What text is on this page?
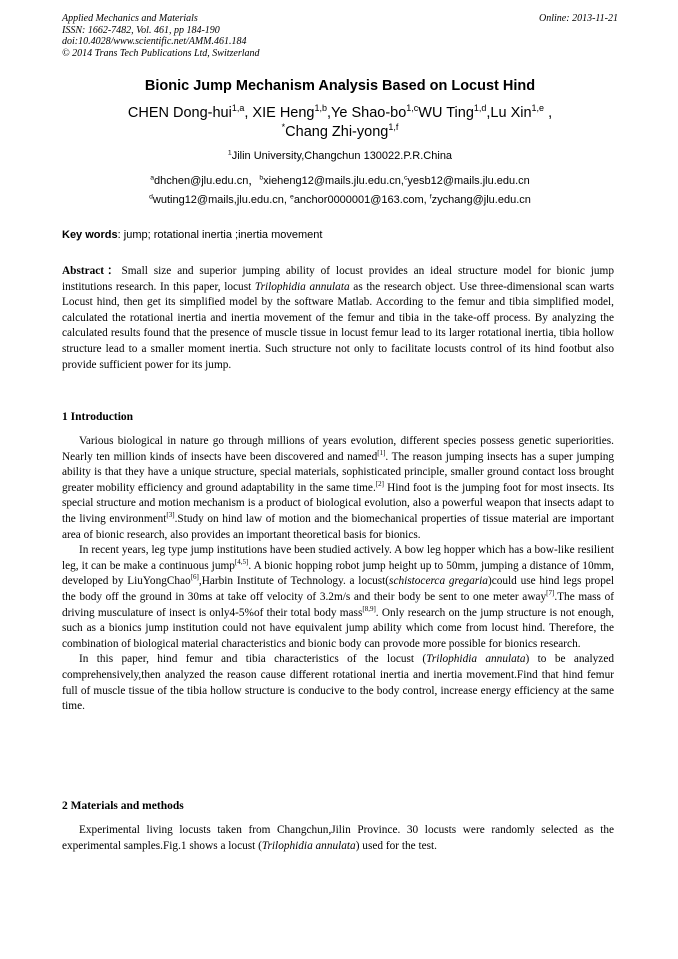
Applied Mechanics and Materials
ISSN: 1662-7482, Vol. 461, pp 184-190
doi:10.4028/www.scientific.net/AMM.461.184
© 2014 Trans Tech Publications Ltd, Switzerland
Online: 2013-11-21
Bionic Jump Mechanism Analysis Based on Locust Hind
CHEN Dong-hui$^{1,a}$, XIE Heng$^{1,b}$,Ye Shao-bo$^{1,c}$WU Ting$^{1,d}$,Lu Xin$^{1,e}$ ,
*Chang Zhi-yong$^{1,f}$
$^1$Jilin University,Changchun 130022.P.R.China
$^a$dhchen@jlu.edu.cn，$^b$xieheng12@mails.jlu.edu.cn,$^c$yesb12@mails.jlu.edu.cn
$^d$wuting12@mails,jlu.edu.cn, $^e$anchor0000001@163.com, $^f$zychang@jlu.edu.cn
Key words: jump; rotational inertia ;inertia movement

Abstract：Small size and superior jumping ability of locust provides an ideal structure model for bionic jump institutions research. In this paper, locust Trilophidia annulata as the research object. Use three-dimensional scan warts Locust hind, then get its simplified model by the software Matlab. According to the femur and tibia simplified model, calculated the rotational inertia and inertia movement of the femur and tibia in the take-off process. By analyzing the calculated results found that the presence of muscle tissue in locust femur lead to its larger rotational inertia, tibia hollow structure lead to a smaller moment inertia. Such structure not only to facilitate locusts control of its hind footbut also provide sufficient power for its jump.

1 Introduction

Various biological in nature go through millions of years evolution, different species possess genetic superiorities. Nearly ten million kinds of insects have been discovered and named[1]. The reason jumping insects has a super jumping ability is that they have a unique structure, special materials, sophisticated principle, smaller ground contact loss brought greater mobility efficiency and ground adaptability in the same time.[2] Hind foot is the jumping foot for most insects. Its special structure and motion mechanism is a product of biological evolution, also a powerful weapon that insects adapt to the living environment[3].Study on hind law of motion and the biomechanical properties of tissue material are important area of bionic research, also provides an important theoretical basis for bionics.

In recent years, leg type jump institutions have been studied actively. A bow leg hopper which has a bow-like resilient leg, it can be make a continuous jump[4,5]. A bionic hopping robot jump height up to 50mm, jumping a distance of 10mm, developed by LiuYongChao[6],Harbin Institute of Technology. a locust(schistocerca gregaria)could use hind legs propel the body off the ground in 30ms at take off velocity of 3.2m/s and their body be sent to one meter away[7].The mass of driving musculature of insect is only4-5%of their total body mass[8,9]. Only research on the jump structure is not enough, such as a bionics jump institution could not have equivalent jump ability which come from locust hind. Therefore, the combination of biological material characteristics and bionic body can provode more possible for bionics research.

In this paper, hind femur and tibia characteristics of the locust (Trilophidia annulata) to be analyzed comprehensively,then analyzed the reason cause different rotational inertia and inertia movement.Find that hind femur full of muscle tissue of the tibia hollow structure is conducive to the body control, increase energy efficiency at the same time.

2 Materials and methods

Experimental living locusts taken from Changchun,Jilin Province. 30 locusts were randomly selected as the experimental samples.Fig.1 shows a locust (Trilophidia annulata) used for the test.
